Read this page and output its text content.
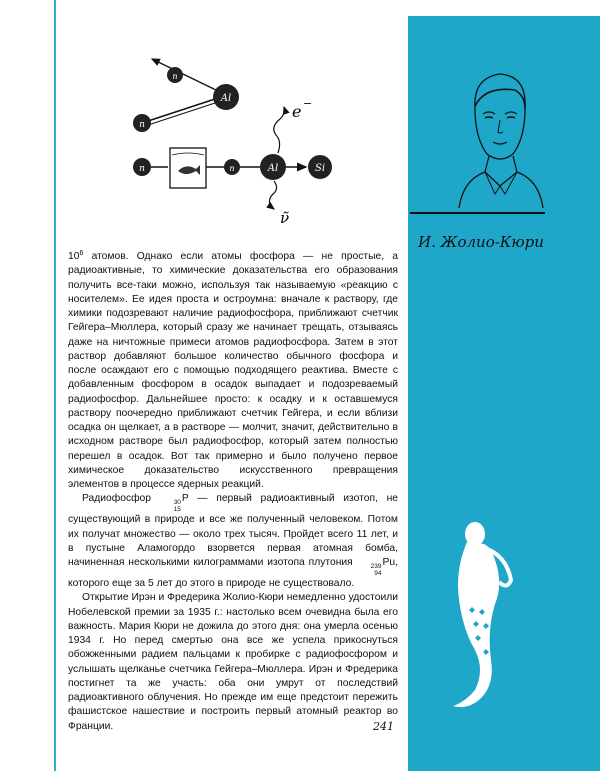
n
n
Al
n	n	Al	Si
e −
ν̃
И. Жолио-Кюри

$10^6$ атомов. Однако если атомы фосфора — не простые, а радиоактивные, то химические доказательства его образования получить все-таки можно, используя так называемую «реакцию с носителем». Ее идея проста и остроумна: вначале к раствору, где химики подозревают наличие радиофосфора, приближают счетчик Гейгера–Мюллера, который сразу же начинает трещать, отзываясь даже на ничтожные примеси атомов радиофосфора. Затем в этот раствор добавляют большое количество обычного фосфора и после осаждают его с помощью подходящего реактива. Вместе с добавленным фосфором в осадок выпадает и подозреваемый радиофосфор. Дальнейшее просто: к осадку и к оставшемуся раствору поочередно приближают счетчик Гейгера, и если вблизи осадка он щелкает, а в растворе — молчит, значит, действительно в исходном растворе был радиофосфор, который затем полностью перешел в осадок. Вот так примерно и было получено первое химическое доказательство искусственного превращения элементов в процессе ядерных реакций.

Радиофосфор	30
15
P — первый радиоактивный изотоп, не существующий в природе и все же полученный человеком. Потом их получат множество — около трех тысяч. Пройдет всего 11 лет, и в пустыне Аламогордо взорвется первая атомная бомба, начиненная несколькими килограммами изотопа плутония	239
94
Pu, которого еще за 5 лет до этого в природе не существовало.

Открытие Ирэн и Фредерика Жолио-Кюри немедленно удостоили Нобелевской премии за 1935 г.: настолько всем очевидна была его важность. Мария Кюри не дожила до этого дня: она умерла осенью 1934 г. Но перед смертью она все же успела прикоснуться обожженными радием пальцами к пробирке с радиофосфором и услышать щелканье счетчика Гейгера–Мюллера. Ирэн и Фредерика постигнет та же участь: оба они умрут от последствий радиоактивного облучения. Но прежде им еще предстоит пережить фашистское нашествие и построить первый атомный реактор во Франции.	241
